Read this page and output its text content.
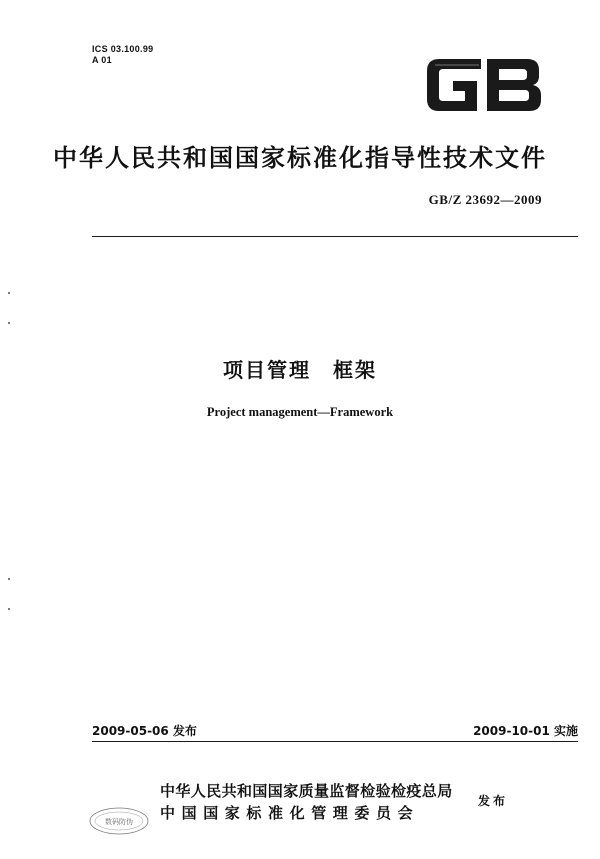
ICS 03.100.99
A 01
中华人民共和国国家标准化指导性技术文件
GB/Z 23692—2009
项目管理　框架
Project management—Framework
2009-05-06 发布	2009-10-01 实施
中华人民共和国国家质量监督检验检疫总局
中国国家标准化管理委员会
发布
数码防伪
